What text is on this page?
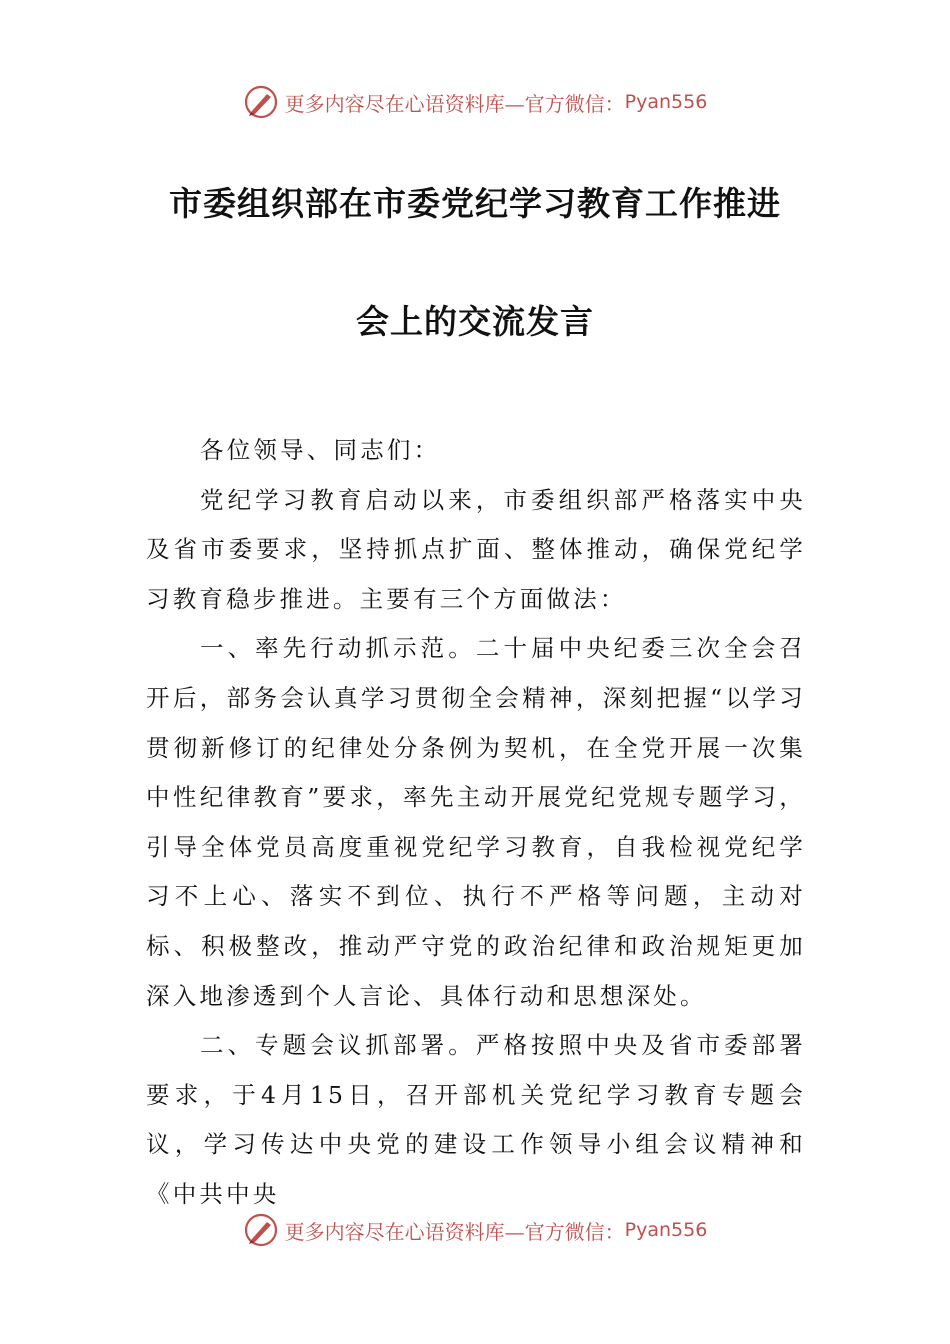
更多内容尽在心语资料库—官方微信： Pyan556
市委组织部在市委党纪学习教育工作推进
会上的交流发言

各位领导、同志们：

党纪学习教育启动以来，市委组织部严格落实中央及省市委要求，坚持抓点扩面、整体推动，确保党纪学习教育稳步推进。主要有三个方面做法：

一、率先行动抓示范。二十届中央纪委三次全会召开后，部务会认真学习贯彻全会精神，深刻把握“以学习贯彻新修订的纪律处分条例为契机，在全党开展一次集中性纪律教育”要求，率先主动开展党纪党规专题学习，引导全体党员高度重视党纪学习教育，自我检视党纪学习不上心、落实不到位、执行不严格等问题，主动对标、积极整改，推动严守党的政治纪律和政治规矩更加深入地渗透到个人言论、具体行动和思想深处。

二、专题会议抓部署。严格按照中央及省市委部署要求，于4月15日，召开部机关党纪学习教育专题会议，学习传达中央党的建设工作领导小组会议精神和《中共中央

更多内容尽在心语资料库—官方微信： Pyan556
